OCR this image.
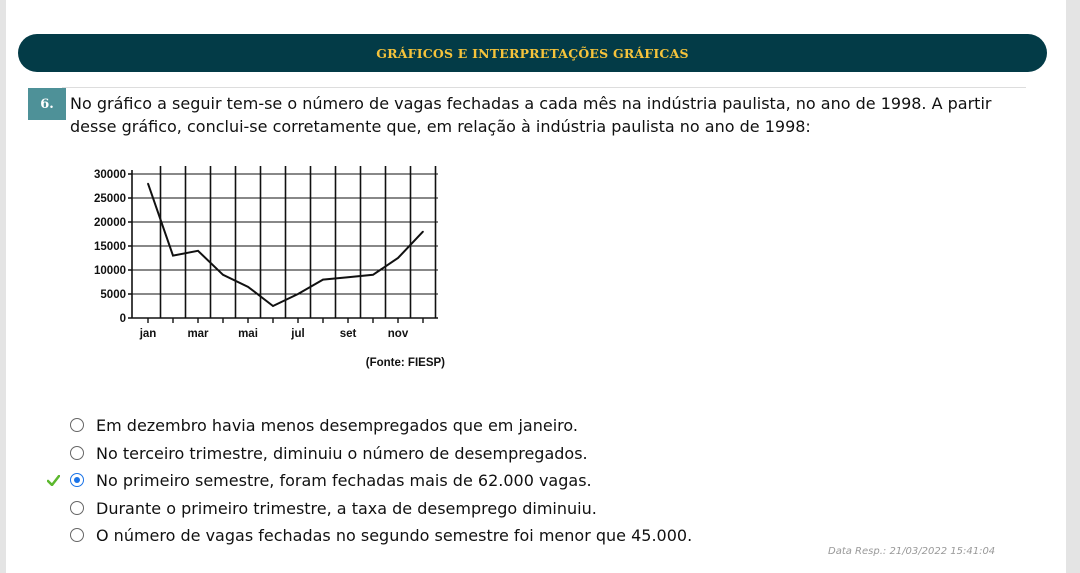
GRÁFICOS E INTERPRETAÇÕES GRÁFICAS
6.	No gráfico a seguir tem-se o número de vagas fechadas a cada mês na indústria paulista, no ano de 1998. A partir desse gráfico, conclui-se corretamente que, em relação à indústria paulista no ano de 1998:
30000
25000
20000
15000
10000
5000
0
jan	mar	mai	jul	set	nov
(Fonte: FIESP)
Em dezembro havia menos desempregados que em janeiro.
No terceiro trimestre, diminuiu o número de desempregados.
No primeiro semestre, foram fechadas mais de 62.000 vagas.
Durante o primeiro trimestre, a taxa de desemprego diminuiu.
O número de vagas fechadas no segundo semestre foi menor que 45.000.
Data Resp.: 21/03/2022 15:41:04
